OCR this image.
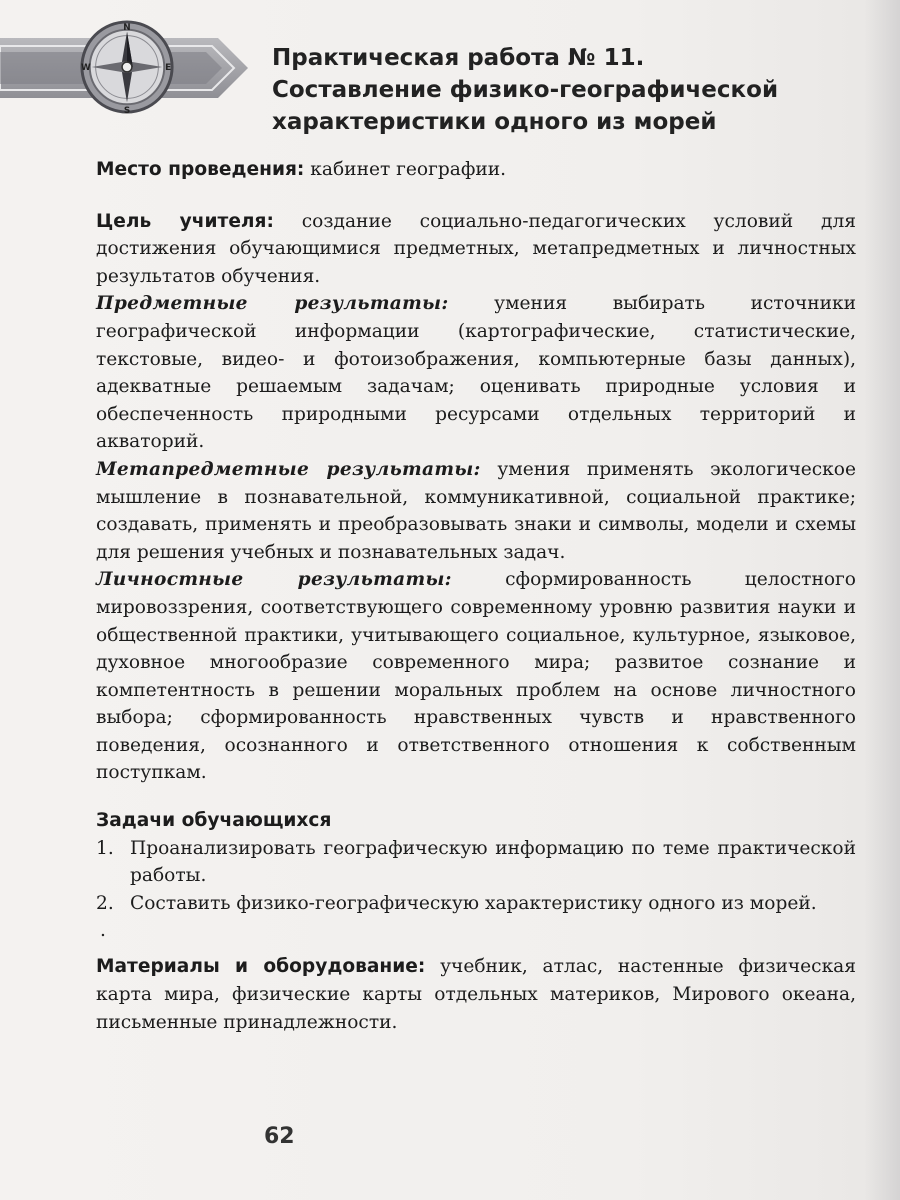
N
S
W	E	Практическая работа № 11.
Составление физико-географической
характеристики одного из морей

Место проведения: кабинет географии.

Цель учителя: создание социально-педагогических условий для достижения обучающимися предметных, метапредметных и личностных результатов обучения.

Предметные результаты: умения выбирать источники географической информации (картографические, статистические, текстовые, видео- и фотоизображения, компьютерные базы данных), адекватные решаемым задачам; оценивать природные условия и обеспеченность природными ресурсами отдельных территорий и акваторий.

Метапредметные результаты: умения применять экологическое мышление в познавательной, коммуникативной, социальной практике; создавать, применять и преобразовывать знаки и символы, модели и схемы для решения учебных и познавательных задач.

Личностные результаты: сформированность целостного мировоззрения, соответствующего современному уровню развития науки и общественной практики, учитывающего социальное, культурное, языковое, духовное многообразие современного мира; развитое сознание и компетентность в решении моральных проблем на основе личностного выбора; сформированность нравственных чувств и нравственного поведения, осознанного и ответственного отношения к собственным поступкам.

Задачи обучающихся
1. Проанализировать географическую информацию по теме практической работы.
2. Составить физико-географическую характеристику одного из морей.
.

Материалы и оборудование: учебник, атлас, настенные физическая карта мира, физические карты отдельных материков, Мирового океана, письменные принадлежности.

62
